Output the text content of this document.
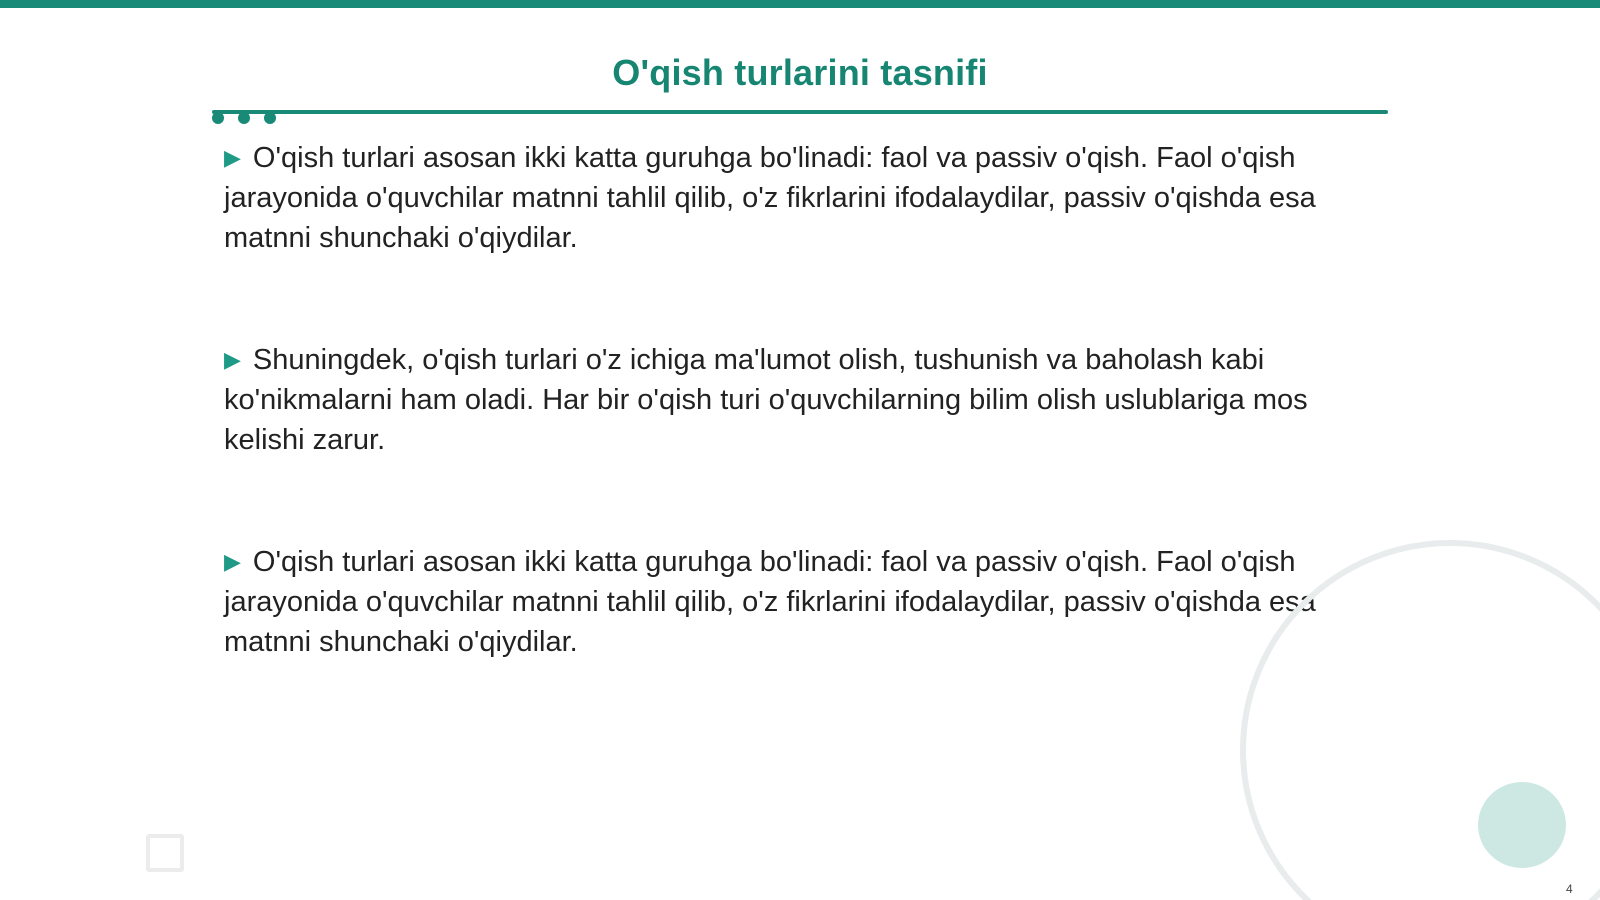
O'qish turlarini tasnifi

▶ O'qish turlari asosan ikki katta guruhga bo'linadi: faol va passiv o'qish. Faol o'qish jarayonida o'quvchilar matnni tahlil qilib, o'z fikrlarini ifodalaydilar, passiv o'qishda esa matnni shunchaki o'qiydilar.

▶ Shuningdek, o'qish turlari o'z ichiga ma'lumot olish, tushunish va baholash kabi ko'nikmalarni ham oladi. Har bir o'qish turi o'quvchilarning bilim olish uslublariga mos kelishi zarur.

▶ O'qish turlari asosan ikki katta guruhga bo'linadi: faol va passiv o'qish. Faol o'qish jarayonida o'quvchilar matnni tahlil qilib, o'z fikrlarini ifodalaydilar, passiv o'qishda esa matnni shunchaki o'qiydilar.

4
